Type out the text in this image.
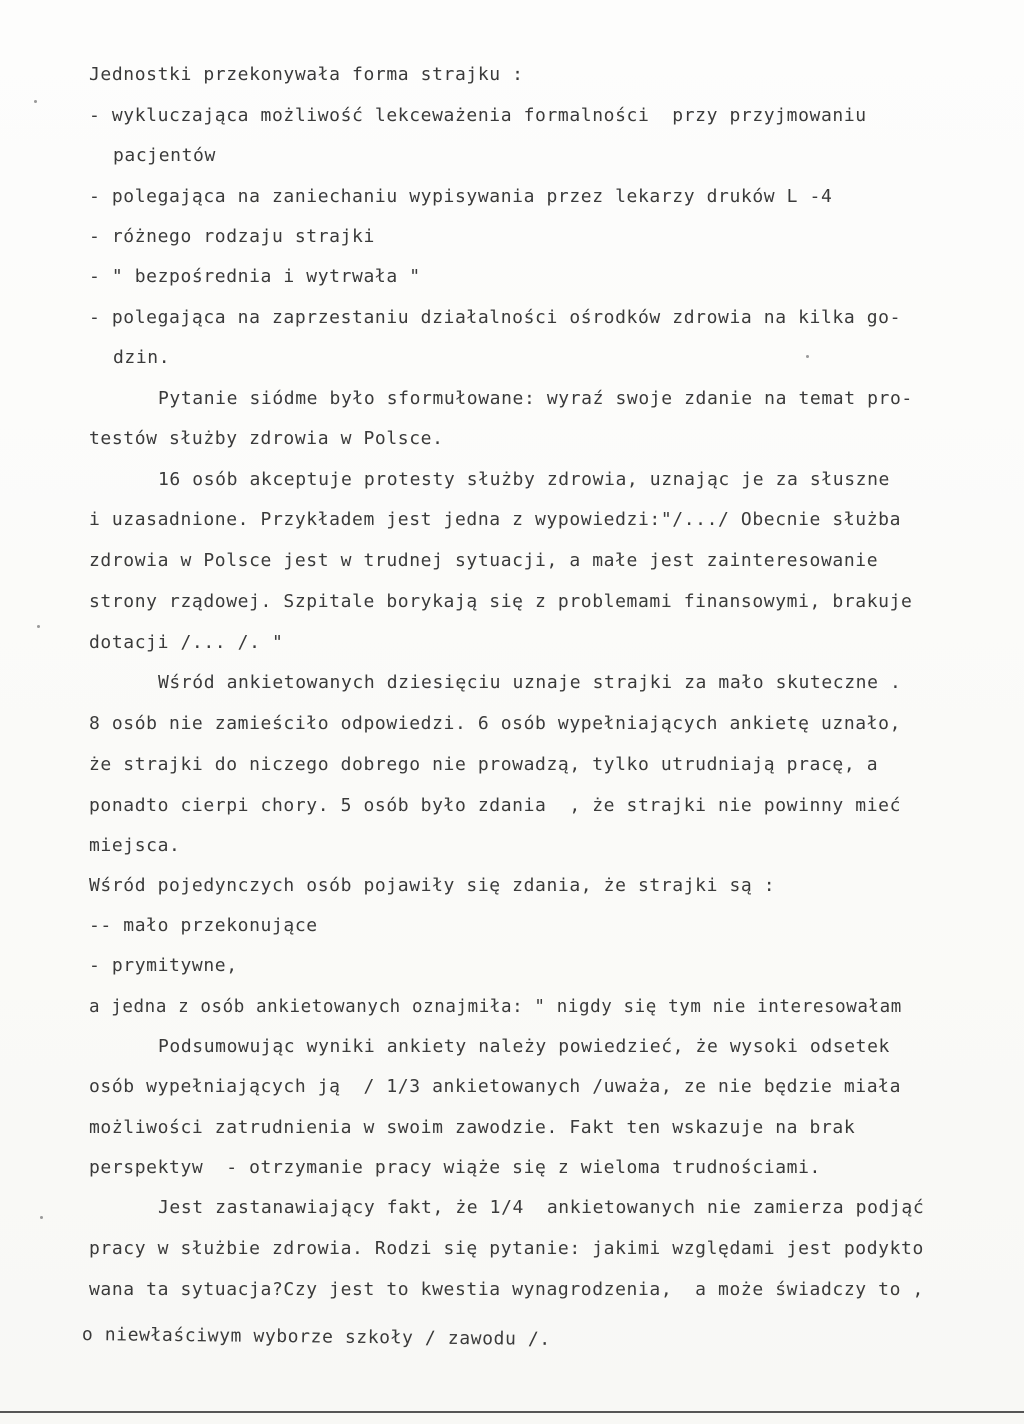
Jednostki przekonywała forma strajku :
- wykluczająca możliwość lekceważenia formalności  przy przyjmowaniu
pacjentów
- polegająca na zaniechaniu wypisywania przez lekarzy druków L -4
- różnego rodzaju strajki
- " bezpośrednia i wytrwała "
- polegająca na zaprzestaniu działalności ośrodków zdrowia na kilka go-
dzin.
Pytanie siódme było sformułowane: wyraź swoje zdanie na temat pro-
testów służby zdrowia w Polsce.
16 osób akceptuje protesty służby zdrowia, uznając je za słuszne
i uzasadnione. Przykładem jest jedna z wypowiedzi:"/.../ Obecnie służba
zdrowia w Polsce jest w trudnej sytuacji, a małe jest zainteresowanie
strony rządowej. Szpitale borykają się z problemami finansowymi, brakuje
dotacji /... /. "
Wśród ankietowanych dziesięciu uznaje strajki za mało skuteczne .
8 osób nie zamieściło odpowiedzi. 6 osób wypełniających ankietę uznało,
że strajki do niczego dobrego nie prowadzą, tylko utrudniają pracę, a
ponadto cierpi chory. 5 osób było zdania  , że strajki nie powinny mieć
miejsca.
Wśród pojedynczych osób pojawiły się zdania, że strajki są :
-- mało przekonujące
- prymitywne,
a jedna z osób ankietowanych oznajmiła: " nigdy się tym nie interesowałam
Podsumowując wyniki ankiety należy powiedzieć, że wysoki odsetek
osób wypełniających ją  / 1/3 ankietowanych /uważa, ze nie będzie miała
możliwości zatrudnienia w swoim zawodzie. Fakt ten wskazuje na brak
perspektyw  - otrzymanie pracy wiąże się z wieloma trudnościami.
Jest zastanawiający fakt, że 1/4  ankietowanych nie zamierza podjąć
pracy w służbie zdrowia. Rodzi się pytanie: jakimi względami jest podykto
wana ta sytuacja?Czy jest to kwestia wynagrodzenia,  a może świadczy to ,
o niewłaściwym wyborze szkoły / zawodu /.
